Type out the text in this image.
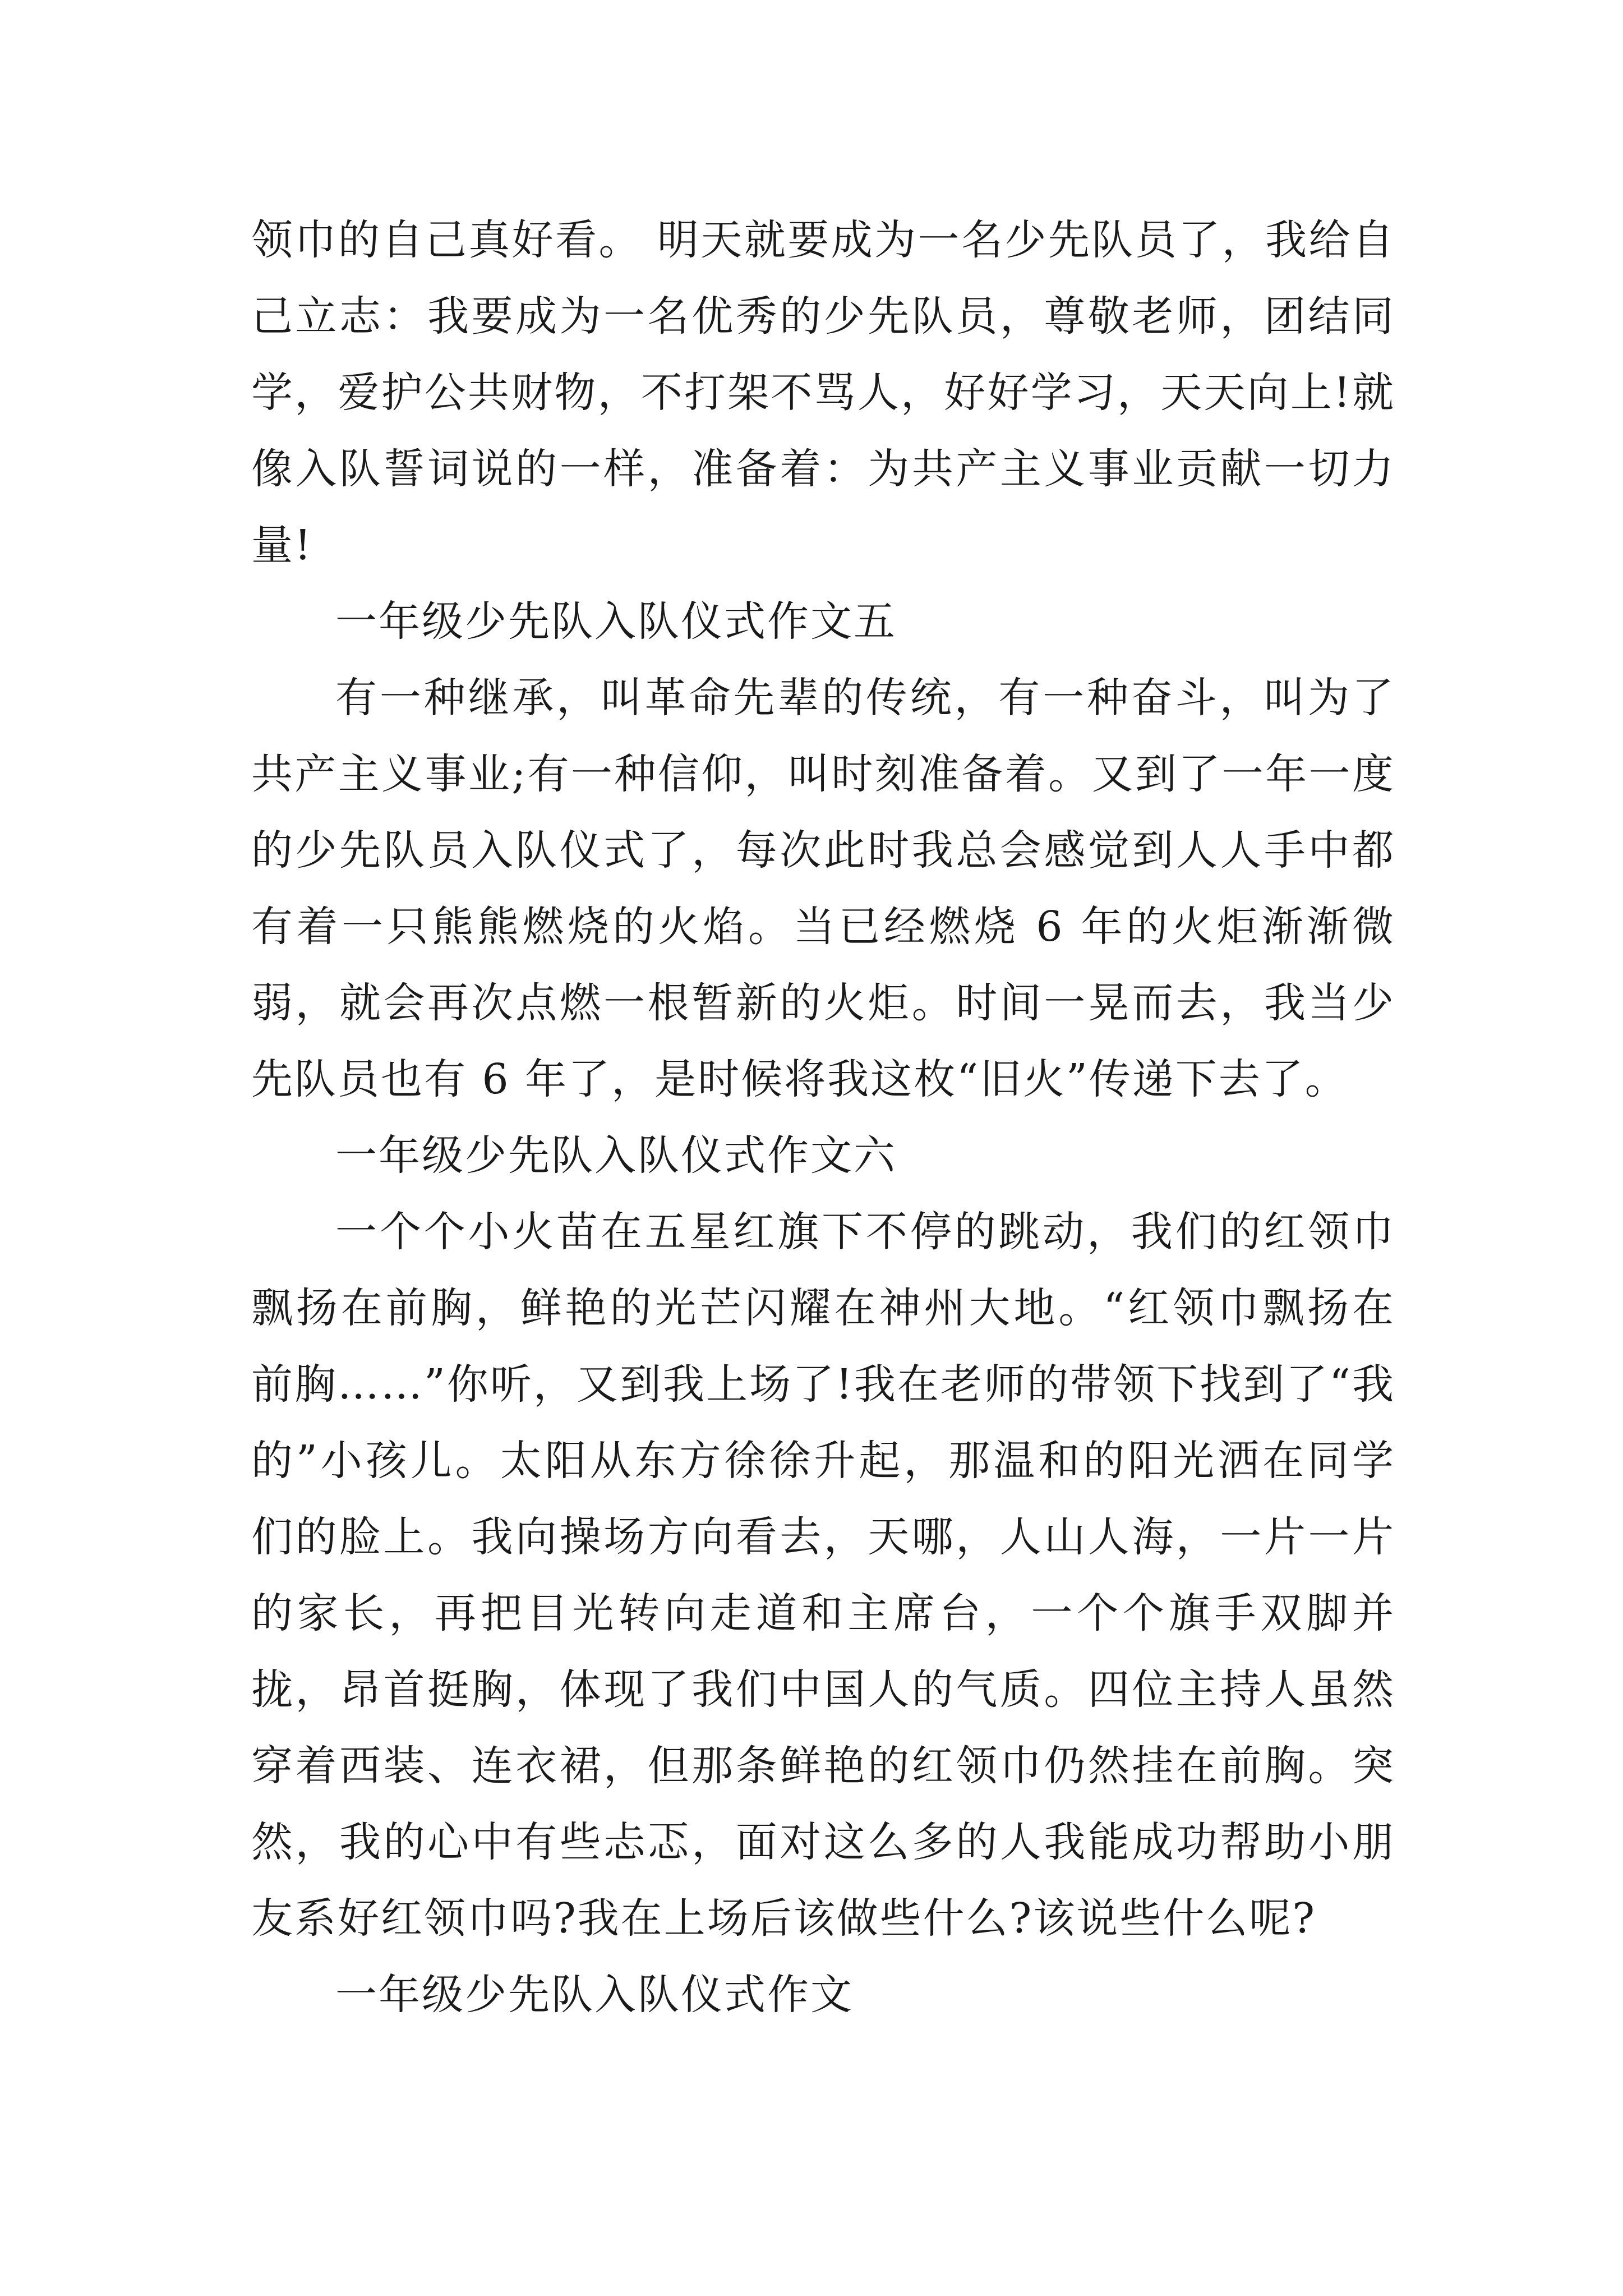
领巾的自己真好看。 明天就要成为一名少先队员了，我给自己立志：我要成为一名优秀的少先队员，尊敬老师，团结同学，爱护公共财物，不打架不骂人，好好学习，天天向上!就像入队誓词说的一样，准备着：为共产主义事业贡献一切力量!

一年级少先队入队仪式作文五

有一种继承，叫革命先辈的传统，有一种奋斗，叫为了共产主义事业;有一种信仰，叫时刻准备着。又到了一年一度的少先队员入队仪式了，每次此时我总会感觉到人人手中都有着一只熊熊燃烧的火焰。当已经燃烧 6 年的火炬渐渐微弱，就会再次点燃一根暂新的火炬。时间一晃而去，我当少先队员也有 6 年了，是时候将我这枚“旧火”传递下去了。

一年级少先队入队仪式作文六

一个个小火苗在五星红旗下不停的跳动，我们的红领巾飘扬在前胸，鲜艳的光芒闪耀在神州大地。“红领巾飘扬在前胸……”你听，又到我上场了!我在老师的带领下找到了“我的”小孩儿。太阳从东方徐徐升起，那温和的阳光洒在同学们的脸上。我向操场方向看去，天哪，人山人海，一片一片的家长，再把目光转向走道和主席台，一个个旗手双脚并拢，昂首挺胸，体现了我们中国人的气质。四位主持人虽然穿着西装、连衣裙，但那条鲜艳的红领巾仍然挂在前胸。突然，我的心中有些忐忑，面对这么多的人我能成功帮助小朋友系好红领巾吗?我在上场后该做些什么?该说些什么呢?

一年级少先队入队仪式作文
